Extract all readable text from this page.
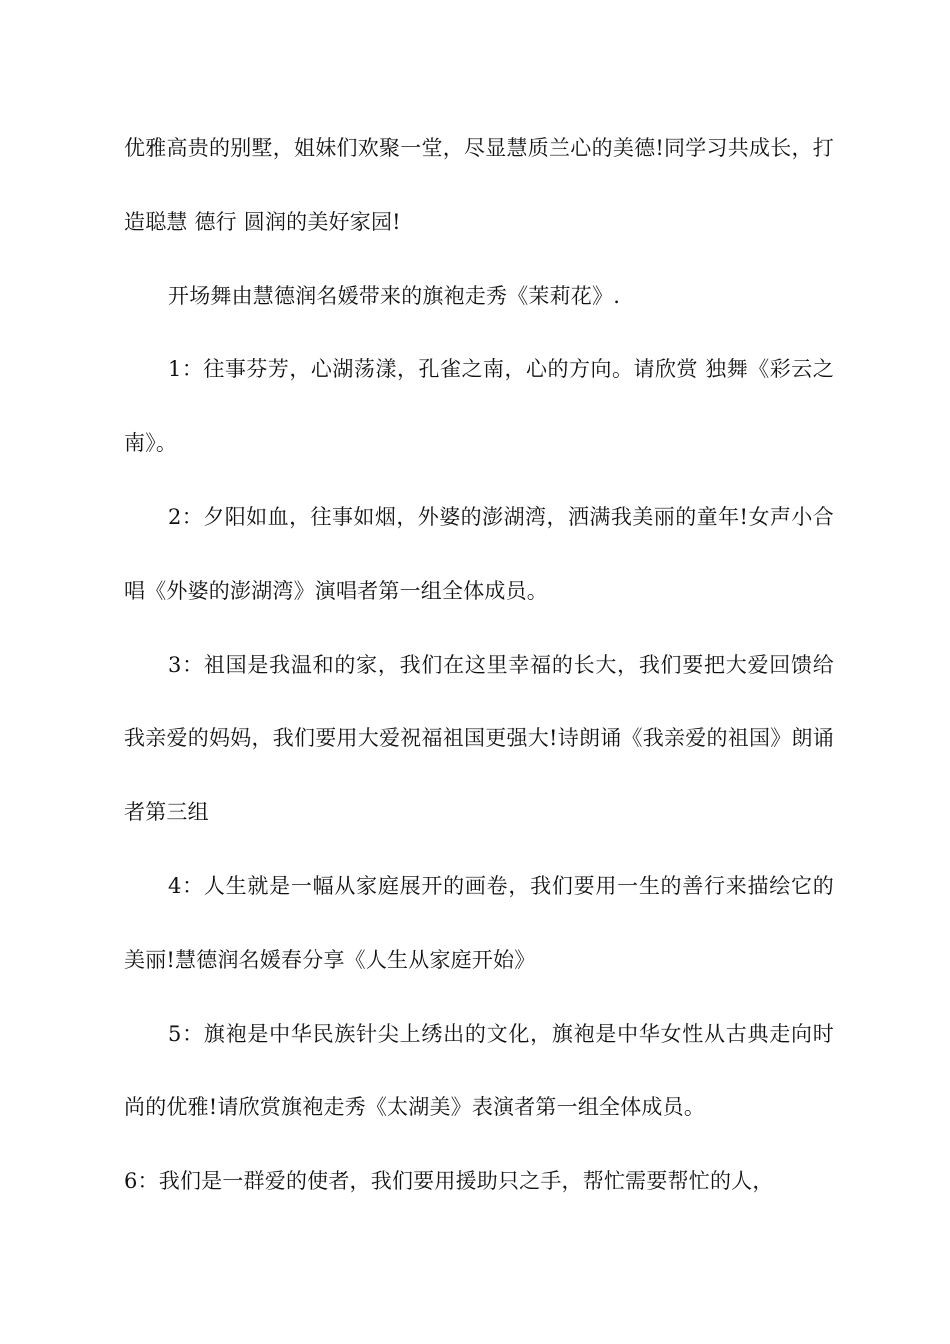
优雅高贵的别墅，姐妹们欢聚一堂，尽显慧质兰心的美德!同学习共成长，打造聪慧 德行 圆润的美好家园!

开场舞由慧德润名媛带来的旗袍走秀《茉莉花》.

1：往事芬芳，心湖荡漾，孔雀之南，心的方向。请欣赏 独舞《彩云之南》。

2：夕阳如血，往事如烟，外婆的澎湖湾，洒满我美丽的童年!女声小合唱《外婆的澎湖湾》演唱者第一组全体成员。

3：祖国是我温和的家，我们在这里幸福的长大，我们要把大爱回馈给我亲爱的妈妈，我们要用大爱祝福祖国更强大!诗朗诵《我亲爱的祖国》朗诵者第三组

4：人生就是一幅从家庭展开的画卷，我们要用一生的善行来描绘它的美丽!慧德润名媛春分享《人生从家庭开始》

5：旗袍是中华民族针尖上绣出的文化，旗袍是中华女性从古典走向时尚的优雅!请欣赏旗袍走秀《太湖美》表演者第一组全体成员。

6：我们是一群爱的使者，我们要用援助只之手，帮忙需要帮忙的人，
